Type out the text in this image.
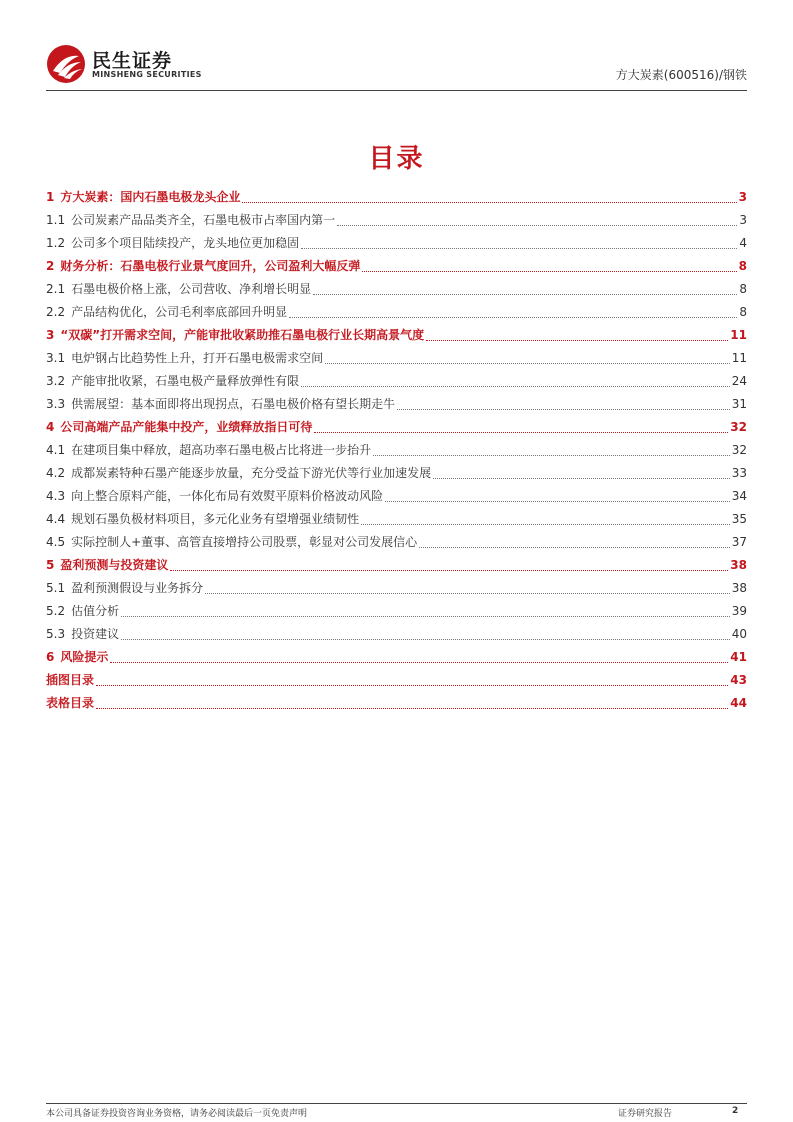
民生证券
MINSHENG SECURITIES	方大炭素(600516)/钢铁
目录
1 方大炭素：国内石墨电极龙头企业	3
1.1 公司炭素产品品类齐全，石墨电极市占率国内第一	3
1.2 公司多个项目陆续投产，龙头地位更加稳固	4
2 财务分析：石墨电极行业景气度回升，公司盈利大幅反弹	8
2.1 石墨电极价格上涨，公司营收、净利增长明显	8
2.2 产品结构优化，公司毛利率底部回升明显	8
3 “双碳”打开需求空间，产能审批收紧助推石墨电极行业长期高景气度	11
3.1 电炉钢占比趋势性上升，打开石墨电极需求空间	11
3.2 产能审批收紧，石墨电极产量释放弹性有限	24
3.3 供需展望：基本面即将出现拐点，石墨电极价格有望长期走牛	31
4 公司高端产品产能集中投产，业绩释放指日可待	32
4.1 在建项目集中释放，超高功率石墨电极占比将进一步抬升	32
4.2 成都炭素特种石墨产能逐步放量，充分受益下游光伏等行业加速发展	33
4.3 向上整合原料产能，一体化布局有效熨平原料价格波动风险	34
4.4 规划石墨负极材料项目，多元化业务有望增强业绩韧性	35
4.5 实际控制人+董事、高管直接增持公司股票，彰显对公司发展信心	37
5 盈利预测与投资建议	38
5.1 盈利预测假设与业务拆分	38
5.2 估值分析	39
5.3 投资建议	40
6 风险提示	41
插图目录	43
表格目录	44
本公司具备证券投资咨询业务资格，请务必阅读最后一页免责声明	证券研究报告	2
